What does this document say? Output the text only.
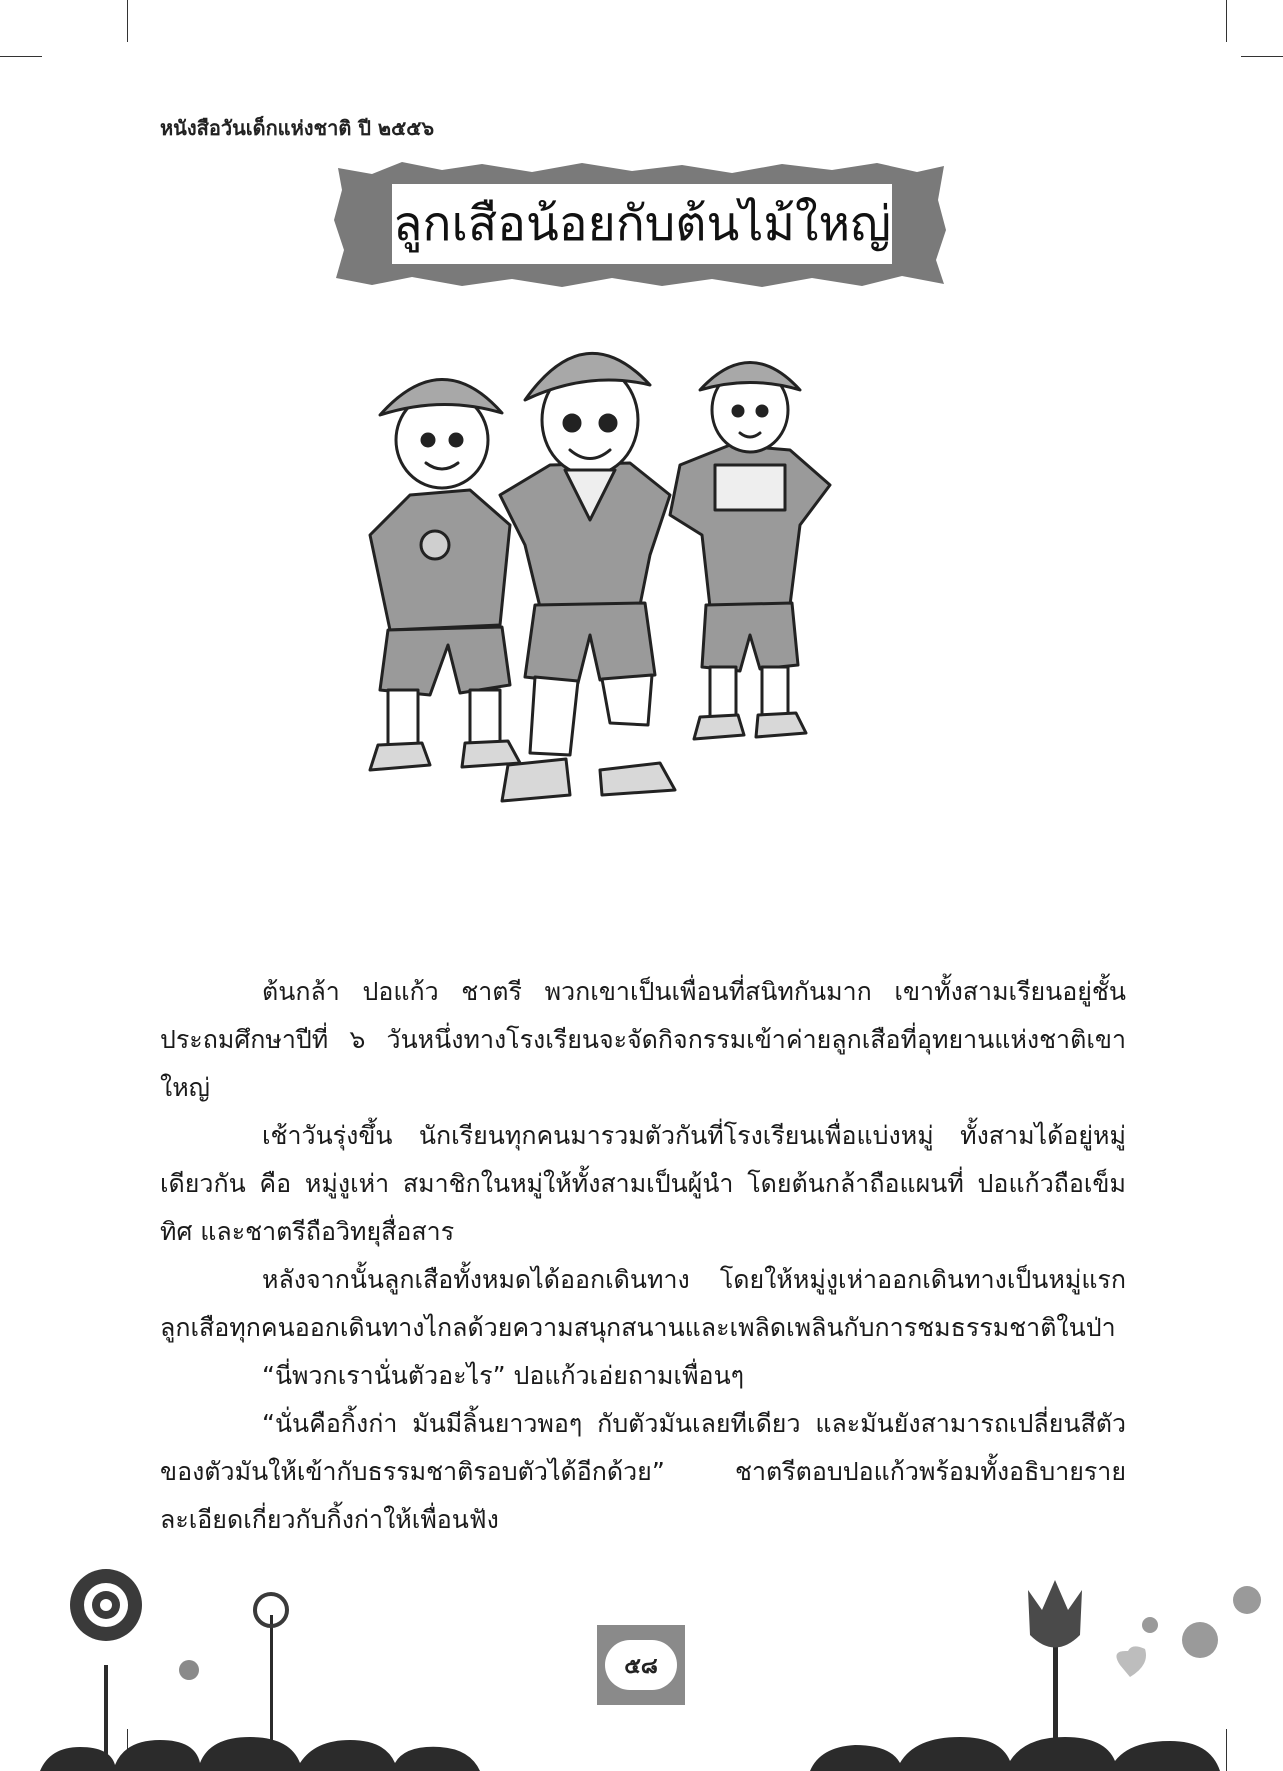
หนังสือวันเด็กแห่งชาติ ปี ๒๕๕๖
ลูกเสือน้อยกับต้นไม้ใหญ่

ต้นกล้า ปอแก้ว ชาตรี พวกเขาเป็นเพื่อนที่สนิทกันมาก เขาทั้งสามเรียนอยู่ชั้นประถมศึกษาปีที่ ๖ วันหนึ่งทางโรงเรียนจะจัดกิจกรรมเข้าค่ายลูกเสือที่อุทยานแห่งชาติเขาใหญ่

เช้าวันรุ่งขึ้น นักเรียนทุกคนมารวมตัวกันที่โรงเรียนเพื่อแบ่งหมู่ ทั้งสามได้อยู่หมู่เดียวกัน คือ หมู่งูเห่า สมาชิกในหมู่ให้ทั้งสามเป็นผู้นำ โดยต้นกล้าถือแผนที่ ปอแก้วถือเข็มทิศ และชาตรีถือวิทยุสื่อสาร

หลังจากนั้นลูกเสือทั้งหมดได้ออกเดินทาง โดยให้หมู่งูเห่าออกเดินทางเป็นหมู่แรก ลูกเสือทุกคนออกเดินทางไกลด้วยความสนุกสนานและเพลิดเพลินกับการชมธรรมชาติในป่า

“นี่พวกเรานั่นตัวอะไร” ปอแก้วเอ่ยถามเพื่อนๆ

“นั่นคือกิ้งก่า มันมีลิ้นยาวพอๆ กับตัวมันเลยทีเดียว และมันยังสามารถเปลี่ยนสีตัวของตัวมันให้เข้ากับธรรมชาติรอบตัวได้อีกด้วย” ชาตรีตอบปอแก้วพร้อมทั้งอธิบายรายละเอียดเกี่ยวกับกิ้งก่าให้เพื่อนฟัง

๕๘
